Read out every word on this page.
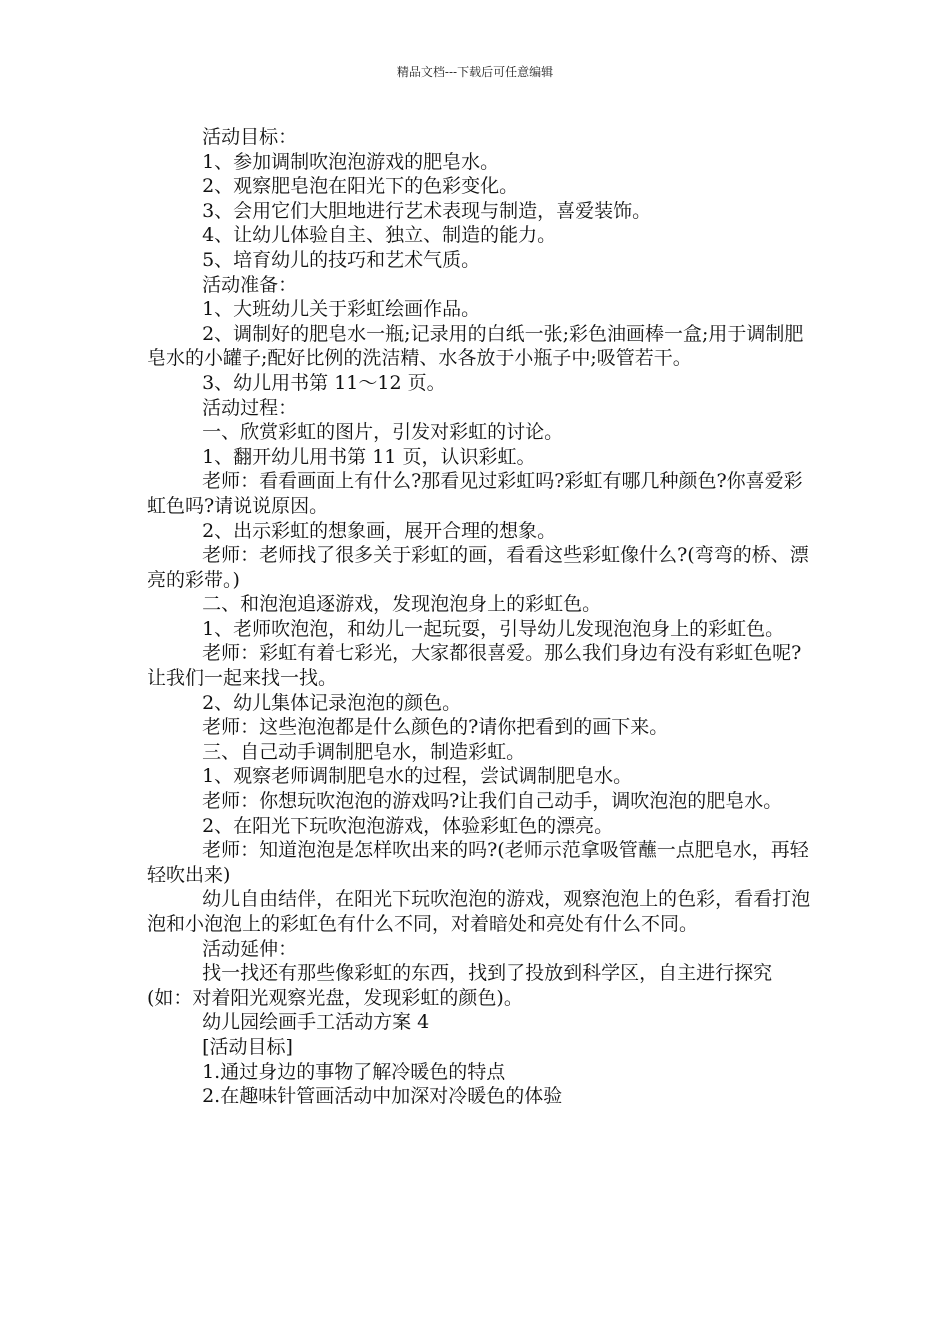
精品文档---下载后可任意编辑

活动目标：

1、参加调制吹泡泡游戏的肥皂水。

2、观察肥皂泡在阳光下的色彩变化。

3、会用它们大胆地进行艺术表现与制造，喜爱装饰。

4、让幼儿体验自主、独立、制造的能力。

5、培育幼儿的技巧和艺术气质。

活动准备：

1、大班幼儿关于彩虹绘画作品。

2、调制好的肥皂水一瓶;记录用的白纸一张;彩色油画棒一盒;用于调制肥皂水的小罐子;配好比例的洗洁精、水各放于小瓶子中;吸管若干。

3、幼儿用书第 11～12 页。

活动过程：

一、欣赏彩虹的图片，引发对彩虹的讨论。

1、翻开幼儿用书第 11 页，认识彩虹。

老师：看看画面上有什么?那看见过彩虹吗?彩虹有哪几种颜色?你喜爱彩虹色吗?请说说原因。

2、出示彩虹的想象画，展开合理的想象。

老师：老师找了很多关于彩虹的画，看看这些彩虹像什么?(弯弯的桥、漂亮的彩带。)

二、和泡泡追逐游戏，发现泡泡身上的彩虹色。

1、老师吹泡泡，和幼儿一起玩耍，引导幼儿发现泡泡身上的彩虹色。

老师：彩虹有着七彩光，大家都很喜爱。那么我们身边有没有彩虹色呢?让我们一起来找一找。

2、幼儿集体记录泡泡的颜色。

老师：这些泡泡都是什么颜色的?请你把看到的画下来。

三、自己动手调制肥皂水，制造彩虹。

1、观察老师调制肥皂水的过程，尝试调制肥皂水。

老师：你想玩吹泡泡的游戏吗?让我们自己动手，调吹泡泡的肥皂水。

2、在阳光下玩吹泡泡游戏，体验彩虹色的漂亮。

老师：知道泡泡是怎样吹出来的吗?(老师示范拿吸管蘸一点肥皂水，再轻轻吹出来)

幼儿自由结伴，在阳光下玩吹泡泡的游戏，观察泡泡上的色彩，看看打泡泡和小泡泡上的彩虹色有什么不同，对着暗处和亮处有什么不同。

活动延伸：

找一找还有那些像彩虹的东西，找到了投放到科学区，自主进行探究(如：对着阳光观察光盘，发现彩虹的颜色)。

幼儿园绘画手工活动方案 4

[活动目标]

1.通过身边的事物了解冷暖色的特点

2.在趣味针管画活动中加深对冷暖色的体验
